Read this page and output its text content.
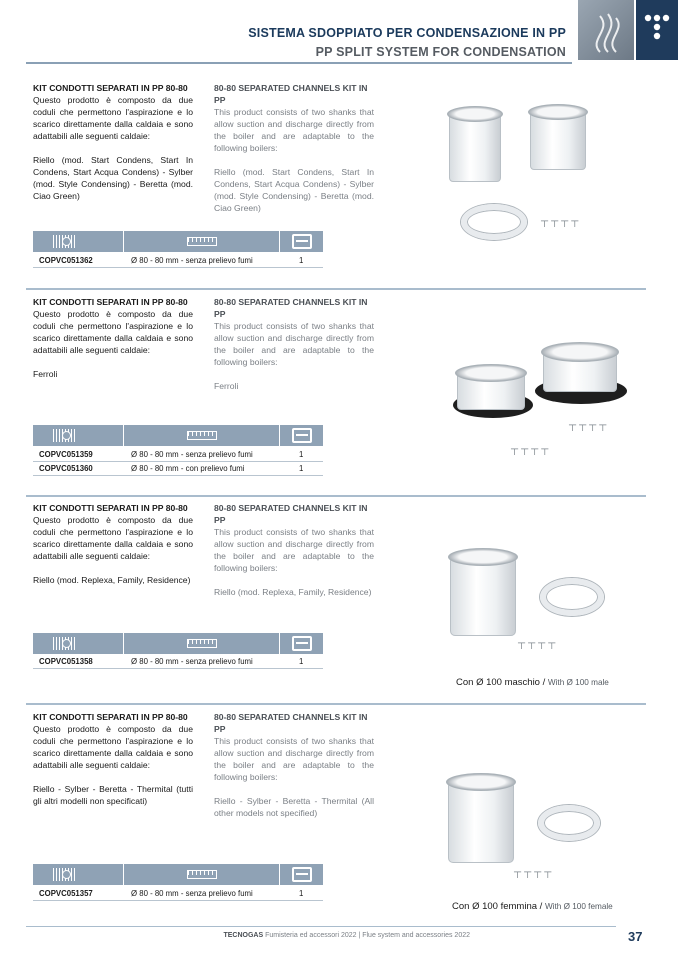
SISTEMA SDOPPIATO PER CONDENSAZIONE IN PP
PP SPLIT SYSTEM FOR CONDENSATION
KIT CONDOTTI SEPARATI IN PP 80-80

Questo prodotto è composto da due coduli che permettono l'aspirazione e lo scarico direttamente dalla caldaia e sono adattabili alle seguenti caldaie:

Riello (mod. Start Condens, Start In Condens, Start Acqua Condens) - Sylber (mod. Style Condensing) - Beretta (mod. Ciao Green)

80-80 SEPARATED CHANNELS KIT IN PP

This product consists of two shanks that allow suction and discharge directly from the boiler and are adaptable to the following boilers:

Riello (mod. Start Condens, Start In Condens, Start Acqua Condens) - Sylber (mod. Style Condensing) - Beretta (mod. Ciao Green)

COPVC051362	Ø 80 - 80 mm - senza prelievo fumi	1
┬┬┬┬
KIT CONDOTTI SEPARATI IN PP 80-80

Questo prodotto è composto da due coduli che permettono l'aspirazione e lo scarico direttamente dalla caldaia e sono adattabili alle seguenti caldaie:

Ferroli

80-80 SEPARATED CHANNELS KIT IN PP

This product consists of two shanks that allow suction and discharge directly from the boiler and are adaptable to the following boilers:

Ferroli

COPVC051359	Ø 80 - 80 mm - senza prelievo fumi	1
COPVC051360	Ø 80 - 80 mm - con prelievo fumi	1
┬┬┬┬
┬┬┬┬
KIT CONDOTTI SEPARATI IN PP 80-80

Questo prodotto è composto da due coduli che permettono l'aspirazione e lo scarico direttamente dalla caldaia e sono adattabili alle seguenti caldaie:

Riello (mod. Replexa, Family, Residence)

80-80 SEPARATED CHANNELS KIT IN PP

This product consists of two shanks that allow suction and discharge directly from the boiler and are adaptable to the following boilers:

Riello (mod. Replexa, Family, Residence)

COPVC051358	Ø 80 - 80 mm - senza prelievo fumi	1
┬┬┬┬
Con Ø 100 maschio / With Ø 100 male
KIT CONDOTTI SEPARATI IN PP 80-80

Questo prodotto è composto da due coduli che permettono l'aspirazione e lo scarico direttamente dalla caldaia e sono adattabili alle seguenti caldaie:

Riello - Sylber - Beretta - Thermital (tutti gli altri modelli non specificati)

80-80 SEPARATED CHANNELS KIT IN PP

This product consists of two shanks that allow suction and discharge directly from the boiler and are adaptable to the following boilers:

Riello - Sylber - Beretta - Thermital (All other models not specified)

COPVC051357	Ø 80 - 80 mm - senza prelievo fumi	1
┬┬┬┬
Con Ø 100 femmina / With Ø 100 female
TECNOGAS Fumisteria ed accessori 2022 | Flue system and accessories 2022	37
